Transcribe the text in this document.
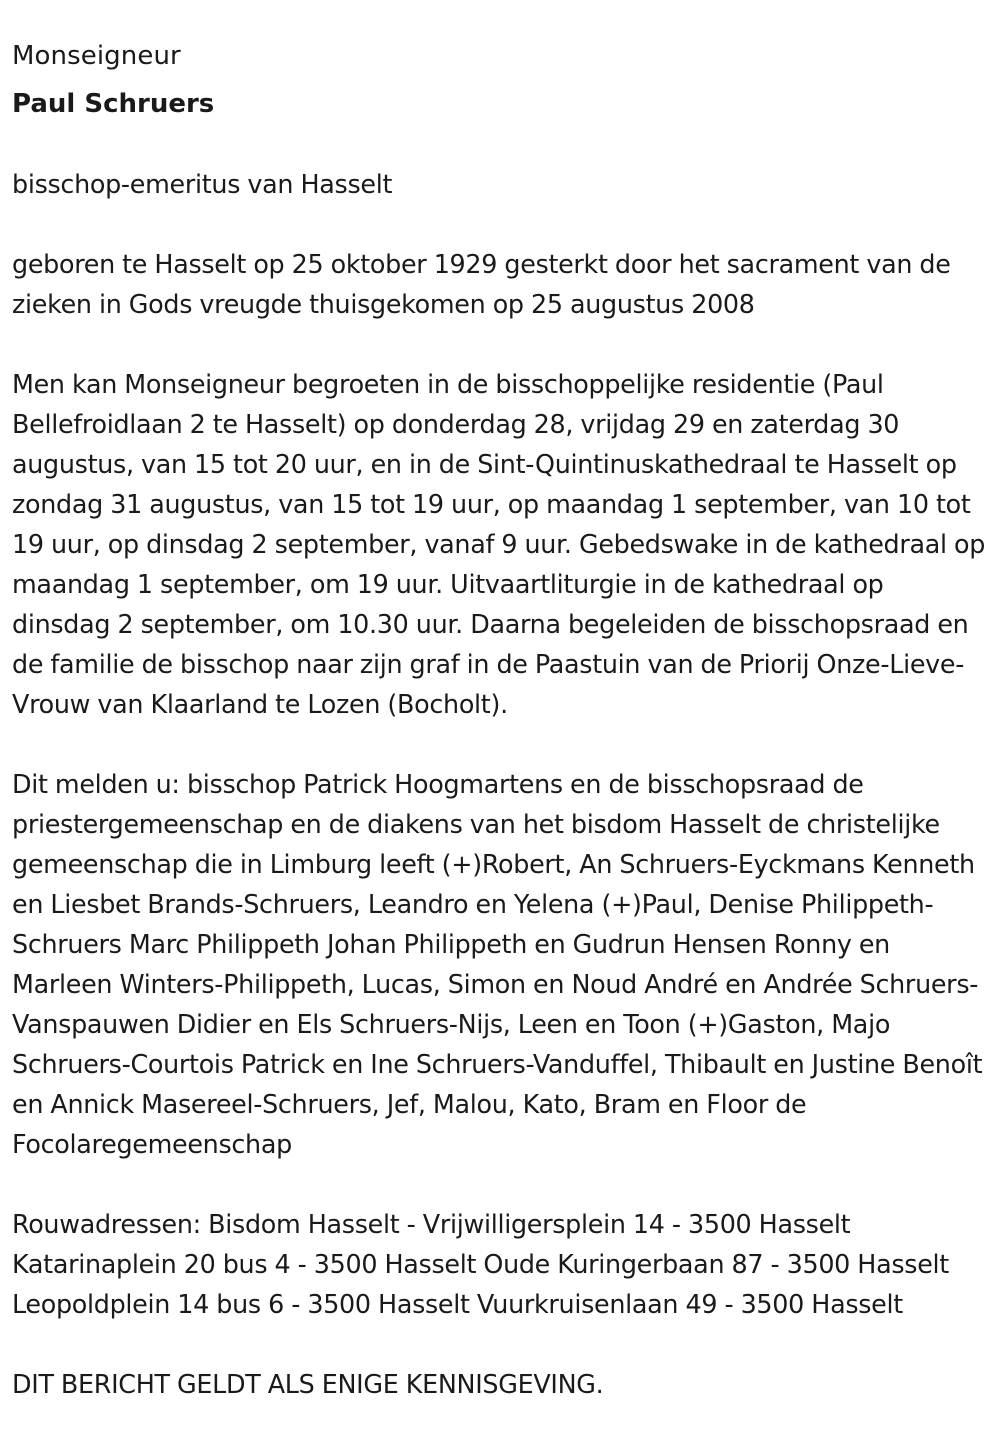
Monseigneur

Paul Schruers

bisschop-emeritus van Hasselt

geboren te Hasselt op 25 oktober 1929 gesterkt door het sacrament van de zieken in Gods vreugde thuisgekomen op 25 augustus 2008

Men kan Monseigneur begroeten in de bisschoppelijke residentie (Paul Bellefroidlaan 2 te Hasselt) op donderdag 28, vrijdag 29 en zaterdag 30 augustus, van 15 tot 20 uur, en in de Sint-Quintinuskathedraal te Hasselt op zondag 31 augustus, van 15 tot 19 uur, op maandag 1 september, van 10 tot 19 uur, op dinsdag 2 september, vanaf 9 uur. Gebedswake in de kathedraal op maandag 1 september, om 19 uur. Uitvaartliturgie in de kathedraal op dinsdag 2 september, om 10.30 uur. Daarna begeleiden de bisschopsraad en de familie de bisschop naar zijn graf in de Paastuin van de Priorij Onze-Lieve-Vrouw van Klaarland te Lozen (Bocholt).

Dit melden u: bisschop Patrick Hoogmartens en de bisschopsraad de priestergemeenschap en de diakens van het bisdom Hasselt de christelijke gemeenschap die in Limburg leeft (+)Robert, An Schruers-Eyckmans Kenneth en Liesbet Brands-Schruers, Leandro en Yelena (+)Paul, Denise Philippeth-Schruers Marc Philippeth Johan Philippeth en Gudrun Hensen Ronny en Marleen Winters-Philippeth, Lucas, Simon en Noud André en Andrée Schruers-Vanspauwen Didier en Els Schruers-Nijs, Leen en Toon (+)Gaston, Majo Schruers-Courtois Patrick en Ine Schruers-Vanduffel, Thibault en Justine Benoît en Annick Masereel-Schruers, Jef, Malou, Kato, Bram en Floor de Focolaregemeenschap

Rouwadressen: Bisdom Hasselt - Vrijwilligersplein 14 - 3500 Hasselt Katarinaplein 20 bus 4 - 3500 Hasselt Oude Kuringerbaan 87 - 3500 Hasselt Leopoldplein 14 bus 6 - 3500 Hasselt Vuurkruisenlaan 49 - 3500 Hasselt

DIT BERICHT GELDT ALS ENIGE KENNISGEVING.
